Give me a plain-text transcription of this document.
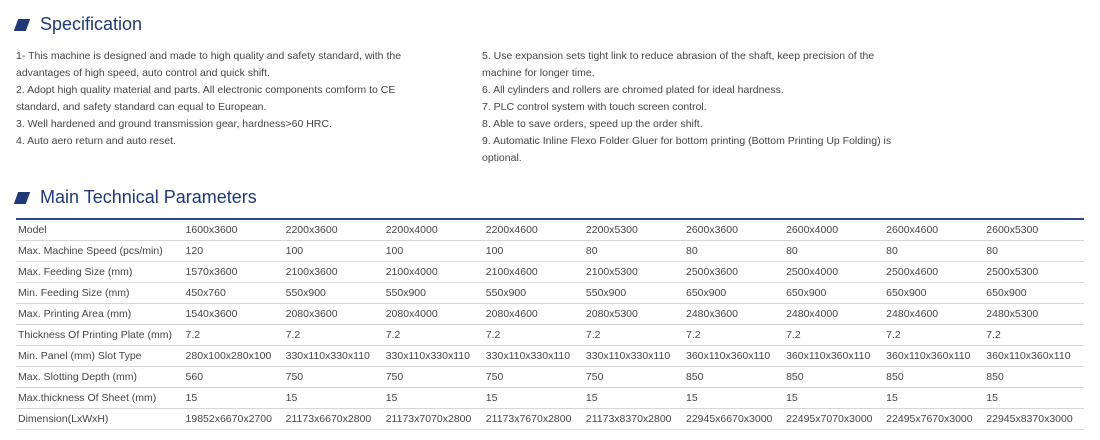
Specification

1- This machine is designed and made to high quality and safety standard, with the advantages of high speed, auto control and quick shift.

2. Adopt high quality material and parts. All electronic components comform to CE standard, and safety standard can equal to European.

3. Well hardened and ground transmission gear, hardness>60 HRC.

4. Auto aero return and auto reset.

5. Use expansion sets tight link to reduce abrasion of the shaft, keep precision of the machine for longer time.

6. All cylinders and rollers are chromed plated for ideal hardness.

7. PLC control system with touch screen control.

8. Able to save orders, speed up the order shift.

9. Automatic Inline Flexo Folder Gluer for bottom printing (Bottom Printing Up Folding) is optional.

Main Technical Parameters
Model	1600x3600	2200x3600	2200x4000	2200x4600	2200x5300	2600x3600	2600x4000	2600x4600	2600x5300
Max. Machine Speed (pcs/min)	120	100	100	100	80	80	80	80	80
Max. Feeding Size (mm)	1570x3600	2100x3600	2100x4000	2100x4600	2100x5300	2500x3600	2500x4000	2500x4600	2500x5300
Min. Feeding Size (mm)	450x760	550x900	550x900	550x900	550x900	650x900	650x900	650x900	650x900
Max. Printing Area (mm)	1540x3600	2080x3600	2080x4000	2080x4600	2080x5300	2480x3600	2480x4000	2480x4600	2480x5300
Thickness Of Printing Plate (mm)	7.2	7.2	7.2	7.2	7.2	7.2	7.2	7.2	7.2
Min. Panel (mm) Slot Type	280x100x280x100	330x110x330x110	330x110x330x110	330x110x330x110	330x110x330x110	360x110x360x110	360x110x360x110	360x110x360x110	360x110x360x110
Max. Slotting Depth (mm)	560	750	750	750	750	850	850	850	850
Max.thickness Of Sheet (mm)	15	15	15	15	15	15	15	15	15
Dimension(LxWxH)	19852x6670x2700	21173x6670x2800	21173x7070x2800	21173x7670x2800	21173x8370x2800	22945x6670x3000	22495x7070x3000	22495x7670x3000	22945x8370x3000
